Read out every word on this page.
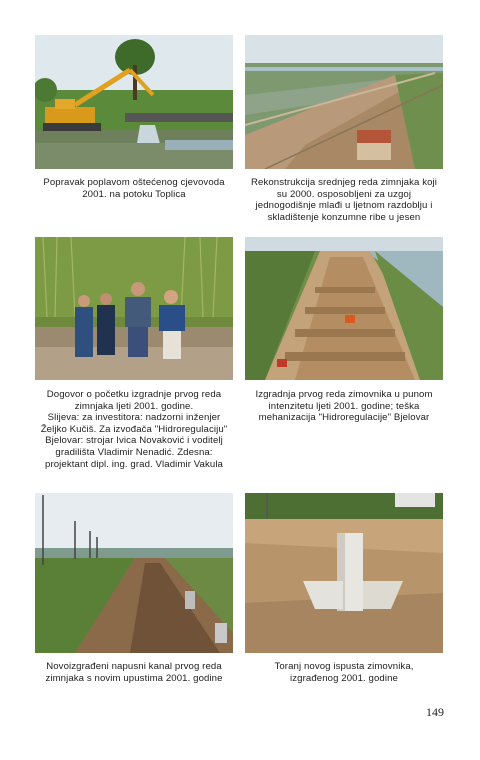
Popravak poplavom oštećenog cjevovoda
2001. na potoku Toplica
Rekonstrukcija srednjeg reda zimnjaka koji
su 2000. osposobljeni za uzgoj
jednogodišnje mlađi u ljetnom razdoblju i
skladištenje konzumne ribe u jesen
Dogovor o početku izgradnje prvog reda
zimnjaka ljeti 2001. godine.
Slijeva: za investitora: nadzorni inženjer
Željko Kučiš. Za izvođača "Hidroregulaciju"
Bjelovar: strojar Ivica Novaković i voditelj
gradilišta Vladimir Nenadić. Zdesna:
projektant dipl. ing. grad. Vladimir Vakula
Izgradnja prvog reda zimovnika u punom
intenzitetu ljeti 2001. godine; teška
mehanizacija "Hidroregulacije" Bjelovar
Novoizgrađeni napusni kanal prvog reda
zimnjaka s novim upustima 2001. godine
Toranj novog ispusta zimovnika,
izgrađenog 2001. godine
149
